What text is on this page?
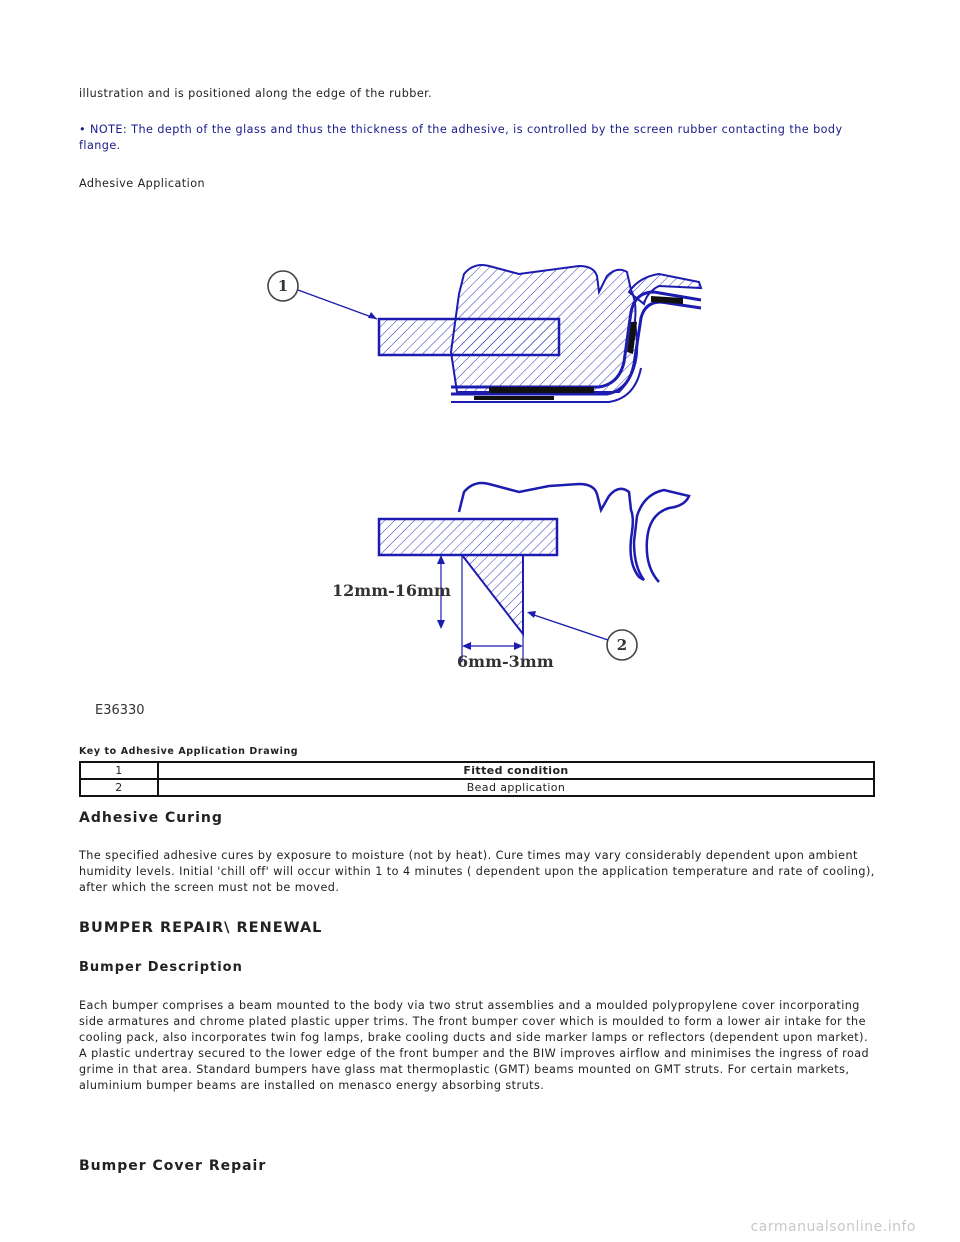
illustration and is positioned along the edge of the rubber.

• NOTE: The depth of the glass and thus the thickness of the adhesive, is controlled by the screen rubber contacting the body flange.

Adhesive Application

1
12mm-16mm
6mm-3mm
2
E36330
Key to Adhesive Application Drawing
1	Fitted condition
2	Bead application
Adhesive Curing

The specified adhesive cures by exposure to moisture (not by heat). Cure times may vary considerably dependent upon ambient humidity levels. Initial 'chill off' will occur within 1 to 4 minutes ( dependent upon the application temperature and rate of cooling), after which the screen must not be moved.

BUMPER REPAIR\ RENEWAL
Bumper Description

Each bumper comprises a beam mounted to the body via two strut assemblies and a moulded polypropylene cover incorporating side armatures and chrome plated plastic upper trims. The front bumper cover which is moulded to form a lower air intake for the cooling pack, also incorporates twin fog lamps, brake cooling ducts and side marker lamps or reflectors (dependent upon market). A plastic undertray secured to the lower edge of the front bumper and the BIW improves airflow and minimises the ingress of road grime in that area. Standard bumpers have glass mat thermoplastic (GMT) beams mounted on GMT struts. For certain markets, aluminium bumper beams are installed on menasco energy absorbing struts.

Bumper Cover Repair
carmanualsonline.info
